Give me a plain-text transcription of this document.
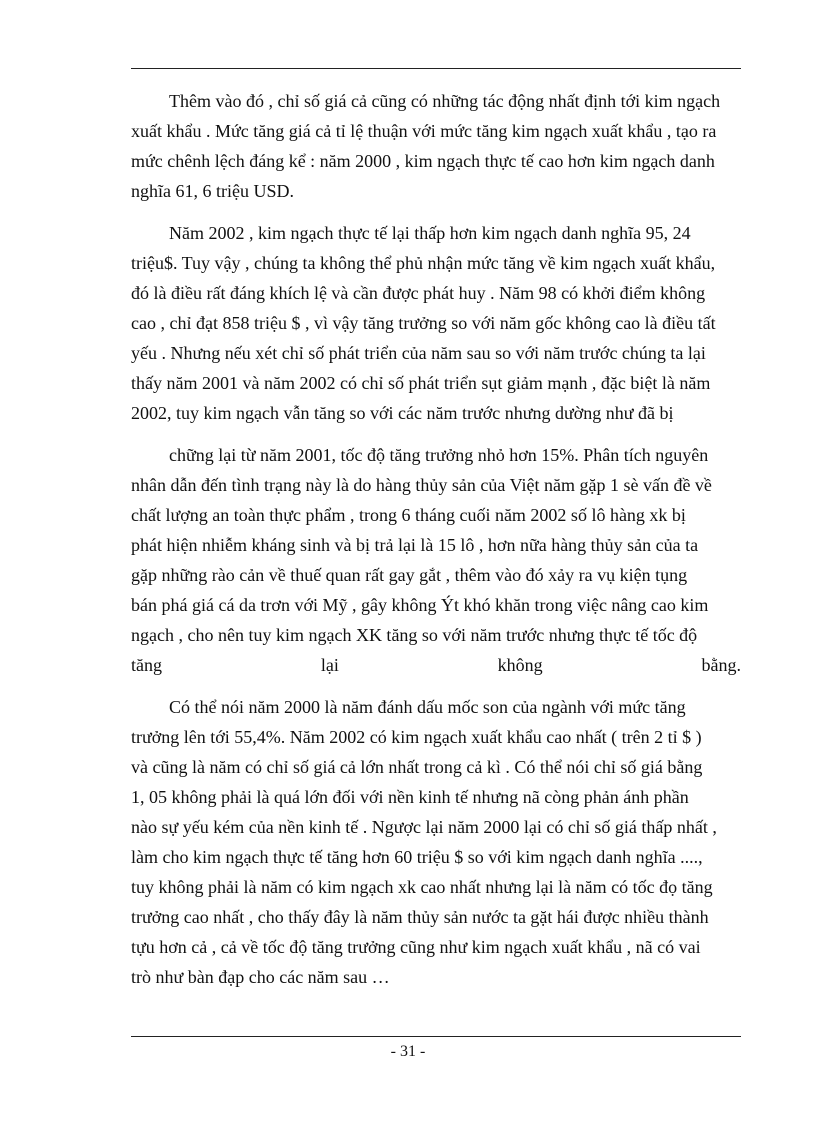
Thêm vào đó , chỉ số giá cả cũng có những tác động nhất định tới kim ngạch
xuất khẩu . Mức tăng giá cả tỉ lệ thuận với mức tăng kim ngạch xuất khẩu , tạo ra
mức chênh lệch đáng kể : năm 2000 , kim ngạch thực tế cao hơn kim ngạch danh
nghĩa 61, 6 triệu USD.

Năm 2002 , kim ngạch thực tế lại thấp hơn kim ngạch danh nghĩa 95, 24
triệu$. Tuy vậy , chúng ta không thể phủ nhận mức tăng về kim ngạch xuất khẩu,
đó là điều rất đáng khích lệ và cần được phát huy . Năm 98 có khởi điểm không
cao , chỉ đạt 858 triệu $ , vì vậy tăng trưởng so với năm gốc không cao là điều tất
yếu . Nhưng nếu xét chỉ số phát triển của năm sau so với năm trước chúng ta lại
thấy năm 2001 và năm 2002 có chỉ số phát triển sụt giảm mạnh , đặc biệt là năm
2002, tuy kim ngạch vẫn tăng so với các năm trước nhưng dường như đã bị

chững lại từ năm 2001, tốc độ tăng trưởng nhỏ hơn 15%. Phân tích nguyên
nhân dẫn đến tình trạng này là do hàng thủy sản của Việt năm gặp 1 sè vấn đề về
chất lượng an toàn thực phẩm , trong 6 tháng cuối năm 2002 số lô hàng xk bị
phát hiện nhiễm kháng sinh và bị trả lại là 15 lô , hơn nữa hàng thủy sản của ta
gặp những rào cản về thuế quan rất gay gắt , thêm vào đó xảy ra vụ kiện tụng
bán phá giá cá da trơn với Mỹ , gây không Ýt khó khăn trong việc nâng cao kim
ngạch , cho nên tuy kim ngạch XK tăng so với năm trước nhưng thực tế tốc độ

tăng	lại	không	bằng.

Có thể nói năm 2000 là năm đánh dấu mốc son của ngành với mức tăng
trưởng lên tới 55,4%. Năm 2002 có kim ngạch xuất khẩu cao nhất ( trên 2 tỉ $ )
và cũng là năm có chỉ số giá cả lớn nhất trong cả kì . Có thể nói chỉ số giá bằng
1, 05 không phải là quá lớn đối với nền kinh tế nhưng nã còng phản ánh phần
nào sự yếu kém của nền kinh tế . Ngược lại năm 2000 lại có chỉ số giá thấp nhất ,
làm cho kim ngạch thực tế tăng hơn 60 triệu $ so với kim ngạch danh nghĩa ....,
tuy không phải là năm có kim ngạch xk cao nhất nhưng lại là năm có tốc đọ tăng
trưởng cao nhất , cho thấy đây là năm thủy sản nước ta gặt hái được nhiều thành
tựu hơn cả , cả về tốc độ tăng trưởng cũng như kim ngạch xuất khẩu , nã có vai
trò như bàn đạp cho các năm sau …

- 31 -
